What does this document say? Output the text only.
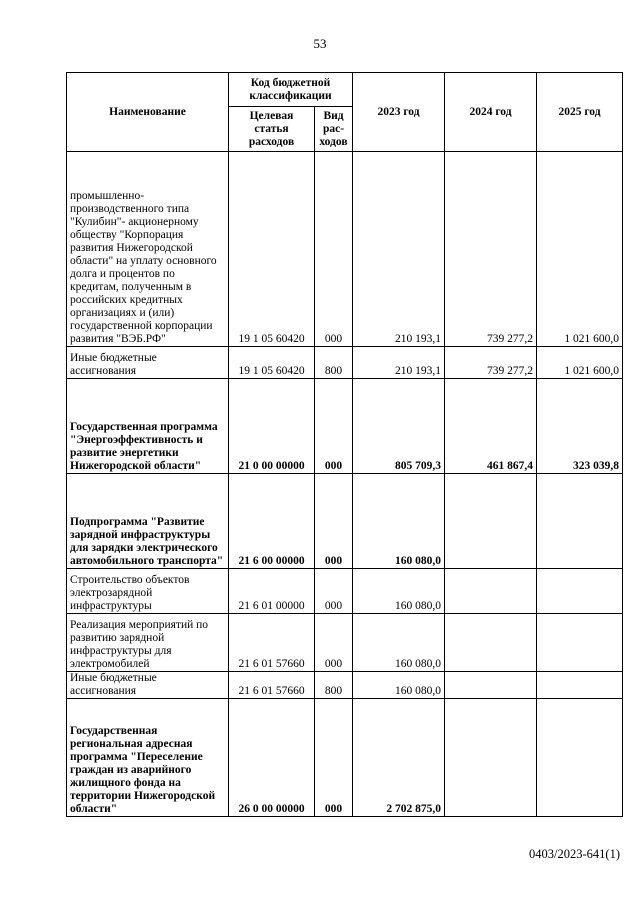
53
Наименование	Код бюджетной классификации		2023 год	2024 год	2025 год
	Целевая статья расходов	Вид рас-ходов			
промышленно-производственного типа "Кулибин"- акционерному обществу "Корпорация развития Нижегородской области" на уплату основного долга и процентов по кредитам, полученным в российских кредитных организациях и (или) государственной корпорации развития "ВЭБ.РФ"	19 1 05 60420	000	210 193,1	739 277,2	1 021 600,0
Иные бюджетные ассигнования	19 1 05 60420	800	210 193,1	739 277,2	1 021 600,0
Государственная программа "Энергоэффективность и развитие энергетики Нижегородской области"	21 0 00 00000	000	805 709,3	461 867,4	323 039,8
Подпрограмма "Развитие зарядной инфраструктуры для зарядки электрического автомобильного транспорта"	21 6 00 00000	000	160 080,0		
Строительство объектов электрозарядной инфраструктуры	21 6 01 00000	000	160 080,0		
Реализация мероприятий по развитию зарядной инфраструктуры для электромобилей	21 6 01 57660	000	160 080,0		
Иные бюджетные ассигнования	21 6 01 57660	800	160 080,0		
Государственная региональная адресная программа "Переселение граждан из аварийного жилищного фонда на территории Нижегородской области"	26 0 00 00000	000	2 702 875,0		
0403/2023-641(1)
